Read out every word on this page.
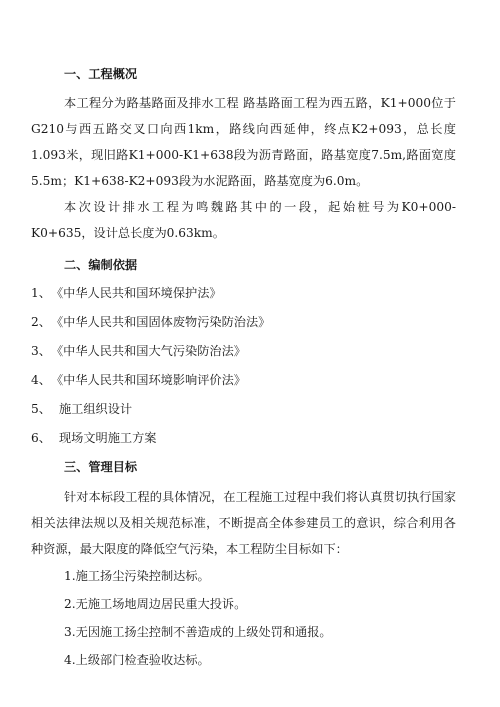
一、工程概况

本工程分为路基路面及排水工程 路基路面工程为西五路，K1+000位于G210与西五路交叉口向西1km，路线向西延伸，终点K2+093，总长度1.093米，现旧路K1+000-K1+638段为沥青路面，路基宽度7.5m,路面宽度5.5m；K1+638-K2+093段为水泥路面，路基宽度为6.0m。

本次设计排水工程为鸣魏路其中的一段，起始桩号为K0+000-K0+635，设计总长度为0.63km。

二、编制依据
1、《中华人民共和国环境保护法》
2、《中华人民共和国固体废物污染防治法》
3、《中华人民共和国大气污染防治法》
4、《中华人民共和国环境影响评价法》
5、 施工组织设计
6、 现场文明施工方案
三、管理目标

针对本标段工程的具体情况，在工程施工过程中我们将认真贯切执行国家相关法律法规以及相关规范标准，不断提高全体参建员工的意识，综合利用各种资源，最大限度的降低空气污染，本工程防尘目标如下：

1.施工扬尘污染控制达标。
2.无施工场地周边居民重大投诉。
3.无因施工扬尘控制不善造成的上级处罚和通报。
4.上级部门检查验收达标。
